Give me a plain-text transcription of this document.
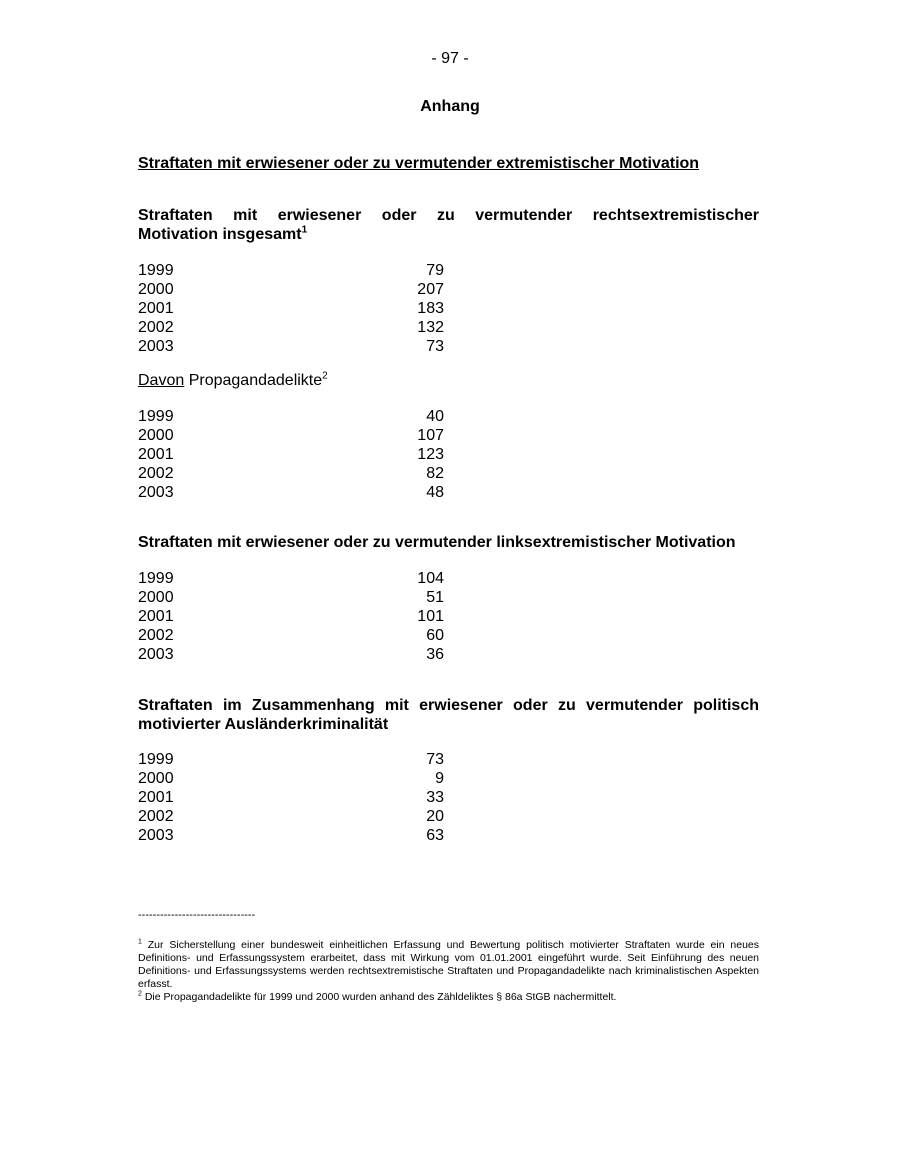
- 97 -
Anhang
Straftaten mit erwiesener oder zu vermutender extremistischer Motivation
Straftaten mit erwiesener oder zu vermutender rechtsextremistischer
Motivation insgesamt$^1$
1999	79
2000	207
2001	183
2002	132
2003	73
Davon Propagandadelikte$^2$
1999	40
2000	107
2001	123
2002	82
2003	48
Straftaten mit erwiesener oder zu vermutender linksextremistischer Motivation
1999	104
2000	51
2001	101
2002	60
2003	36
Straftaten im Zusammenhang mit erwiesener oder zu vermutender politisch
motivierter Ausländerkriminalität
1999	73
2000	9
2001	33
2002	20
2003	63
--------------------------------

$^1$ Zur Sicherstellung einer bundesweit einheitlichen Erfassung und Bewertung politisch motivierter Straftaten wurde ein neues Definitions- und Erfassungssystem erarbeitet, dass mit Wirkung vom 01.01.2001 eingeführt wurde. Seit Einführung des neuen Definitions- und Erfassungssystems werden rechtsextremistische Straftaten und Propagandadelikte nach kriminalistischen Aspekten erfasst.

$^2$ Die Propagandadelikte für 1999 und 2000 wurden anhand des Zähldeliktes § 86a StGB nachermittelt.
